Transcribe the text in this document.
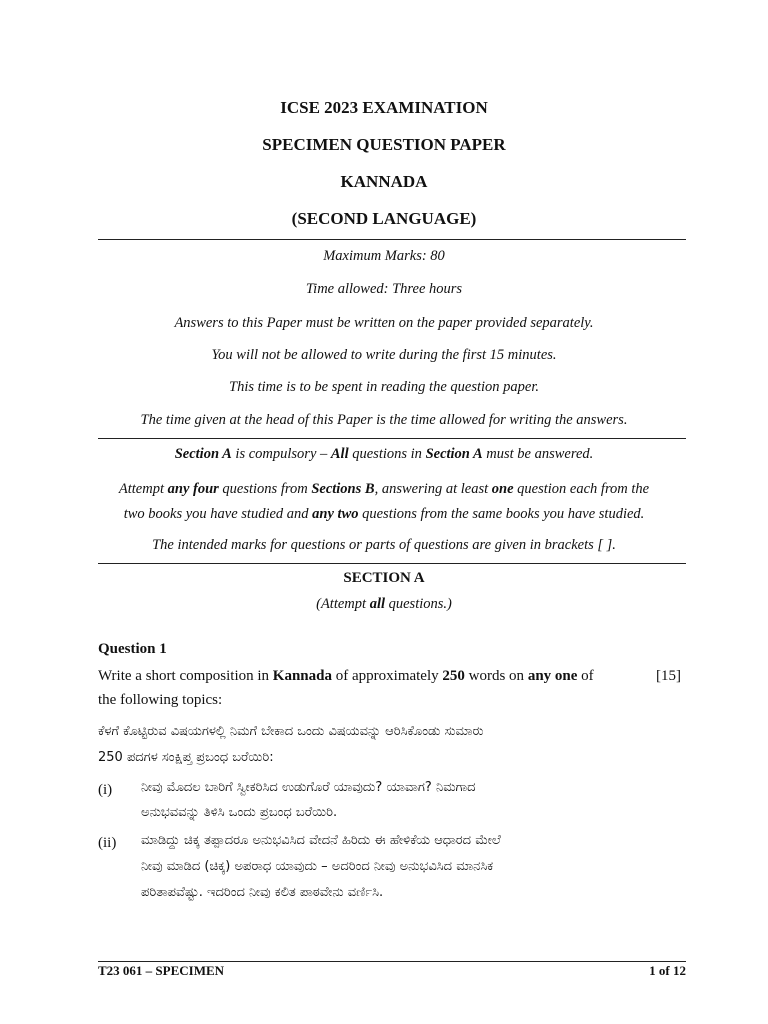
ICSE 2023 EXAMINATION
SPECIMEN QUESTION PAPER
KANNADA
(SECOND LANGUAGE)
Maximum Marks: 80
Time allowed: Three hours
Answers to this Paper must be written on the paper provided separately.
You will not be allowed to write during the first 15 minutes.
This time is to be spent in reading the question paper.
The time given at the head of this Paper is the time allowed for writing the answers.
Section A is compulsory – All questions in Section A must be answered.
Attempt any four questions from Sections B, answering at least one question each from the
two books you have studied and any two questions from the same books you have studied.
The intended marks for questions or parts of questions are given in brackets [ ].
SECTION A
(Attempt all questions.)
Question 1
Write a short composition in Kannada of approximately 250 words on any one of
the following topics:
[15]
ಕೆಳಗೆ ಕೊಟ್ಟಿರುವ ವಿಷಯಗಳಲ್ಲಿ ನಿಮಗೆ ಬೇಕಾದ ಒಂದು ವಿಷಯವನ್ನು ಆರಿಸಿಕೊಂಡು ಸುಮಾರು
250 ಪದಗಳ ಸಂಕ್ಷಿಪ್ತ ಪ್ರಬಂಧ ಬರೆಯಿರಿ:
(i) ನೀವು ಮೊದಲ ಬಾರಿಗೆ ಸ್ವೀಕರಿಸಿದ ಉಡುಗೊರೆ ಯಾವುದು? ಯಾವಾಗ? ನಿಮಗಾದ
ಅನುಭವವನ್ನು ತಿಳಿಸಿ ಒಂದು ಪ್ರಬಂಧ ಬರೆಯಿರಿ.
(ii) ಮಾಡಿದ್ದು ಚಿಕ್ಕ ತಪ್ಪಾದರೂ ಅನುಭವಿಸಿದ ವೇದನೆ ಹಿರಿದು ಈ ಹೇಳಿಕೆಯ ಆಧಾರದ ಮೇಲೆ
ನೀವು ಮಾಡಿದ (ಚಿಕ್ಕ) ಅಪರಾಧ ಯಾವುದು – ಅದರಿಂದ ನೀವು ಅನುಭವಿಸಿದ ಮಾನಸಿಕ
ಪರಿತಾಪವೆಷ್ಟು. ಇದರಿಂದ ನೀವು ಕಲಿತ ಪಾಠವೇನು ವರ್ಣಿಸಿ.
T23 061 – SPECIMEN	1 of 12
